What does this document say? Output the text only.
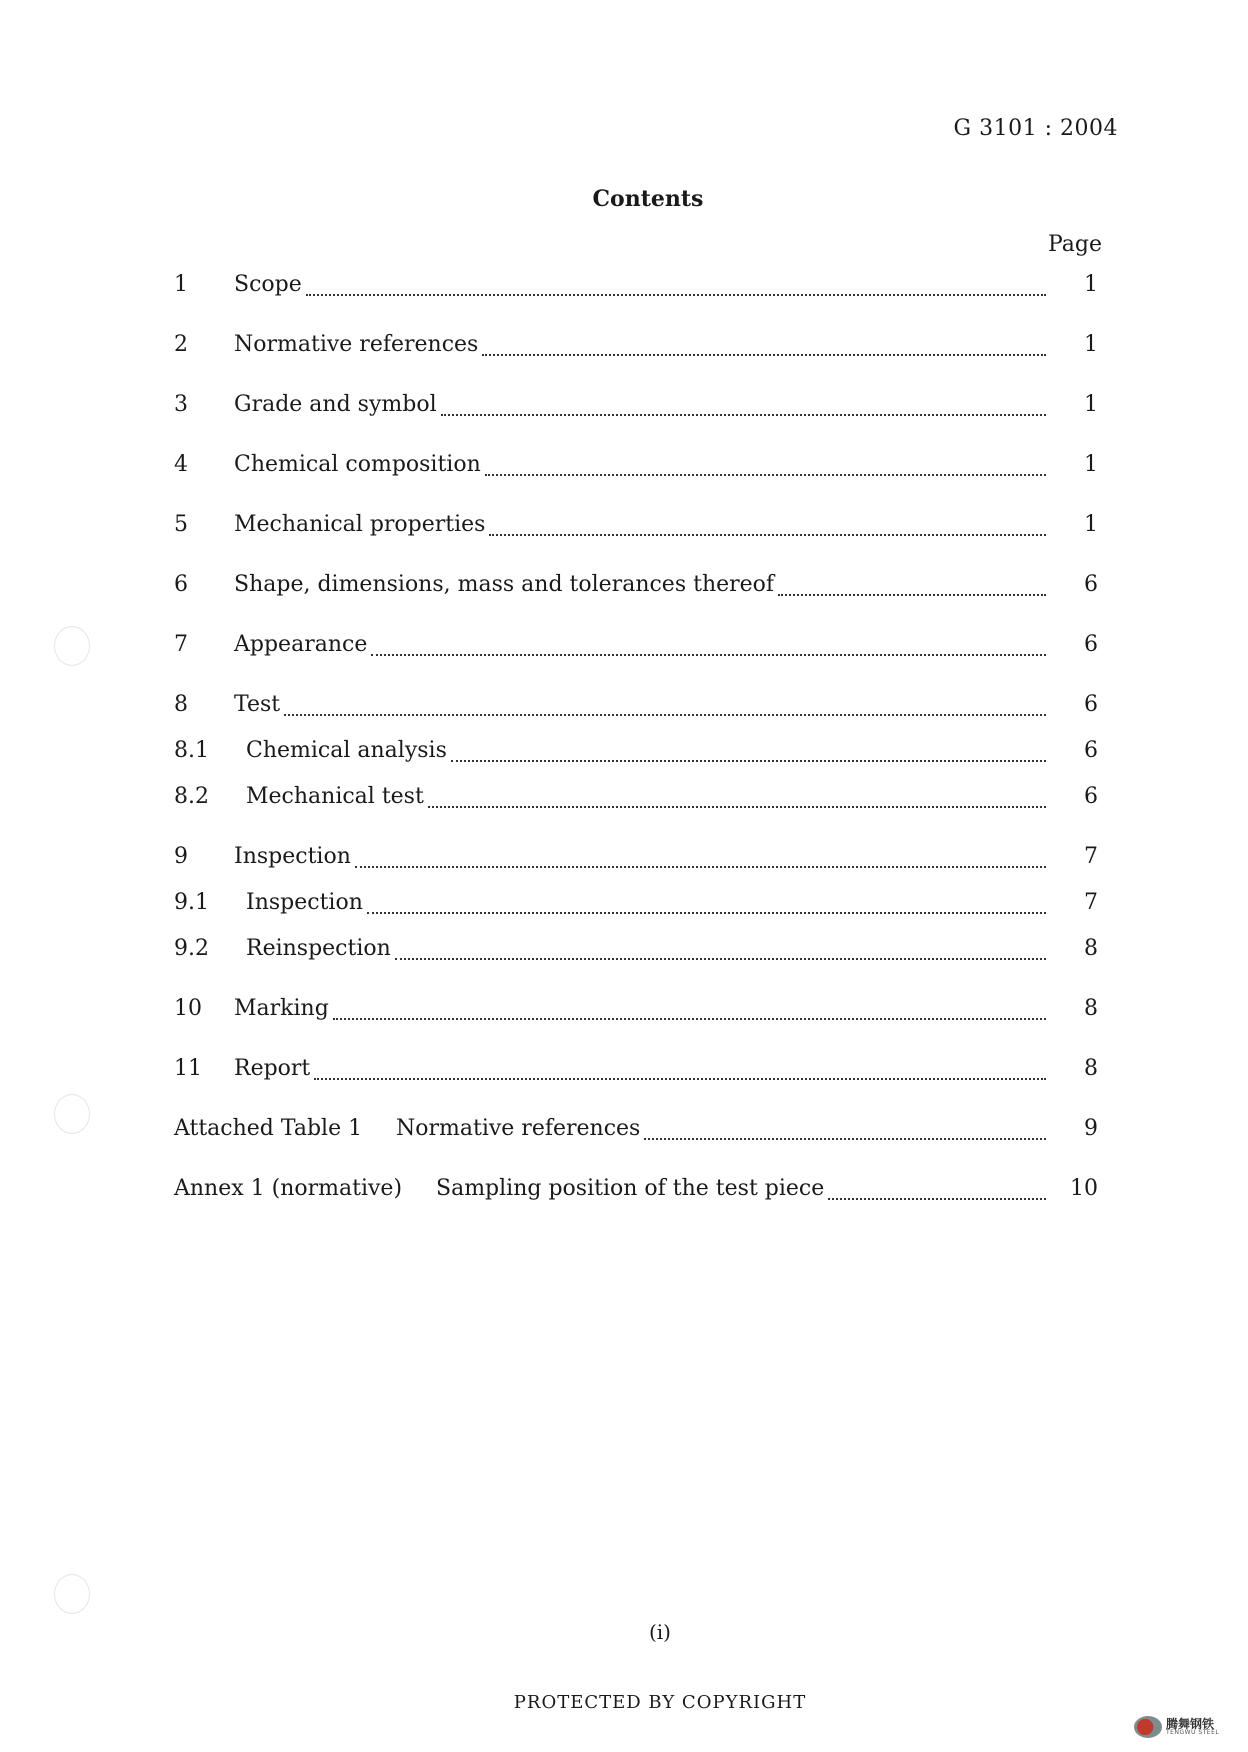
G 3101 : 2004
Contents
Page
1	Scope	1
2	Normative references	1
3	Grade and symbol	1
4	Chemical composition	1
5	Mechanical properties	1
6	Shape, dimensions, mass and tolerances thereof	6
7	Appearance	6
8	Test	6
8.1	Chemical analysis	6
8.2	Mechanical test	6
9	Inspection	7
9.1	Inspection	7
9.2	Reinspection	8
10	Marking	8
11	Report	8
Attached Table 1	Normative references	9
Annex 1 (normative)	Sampling position of the test piece	10
(i)
PROTECTED BY COPYRIGHT
腾舞钢铁
TENGWU STEEL
